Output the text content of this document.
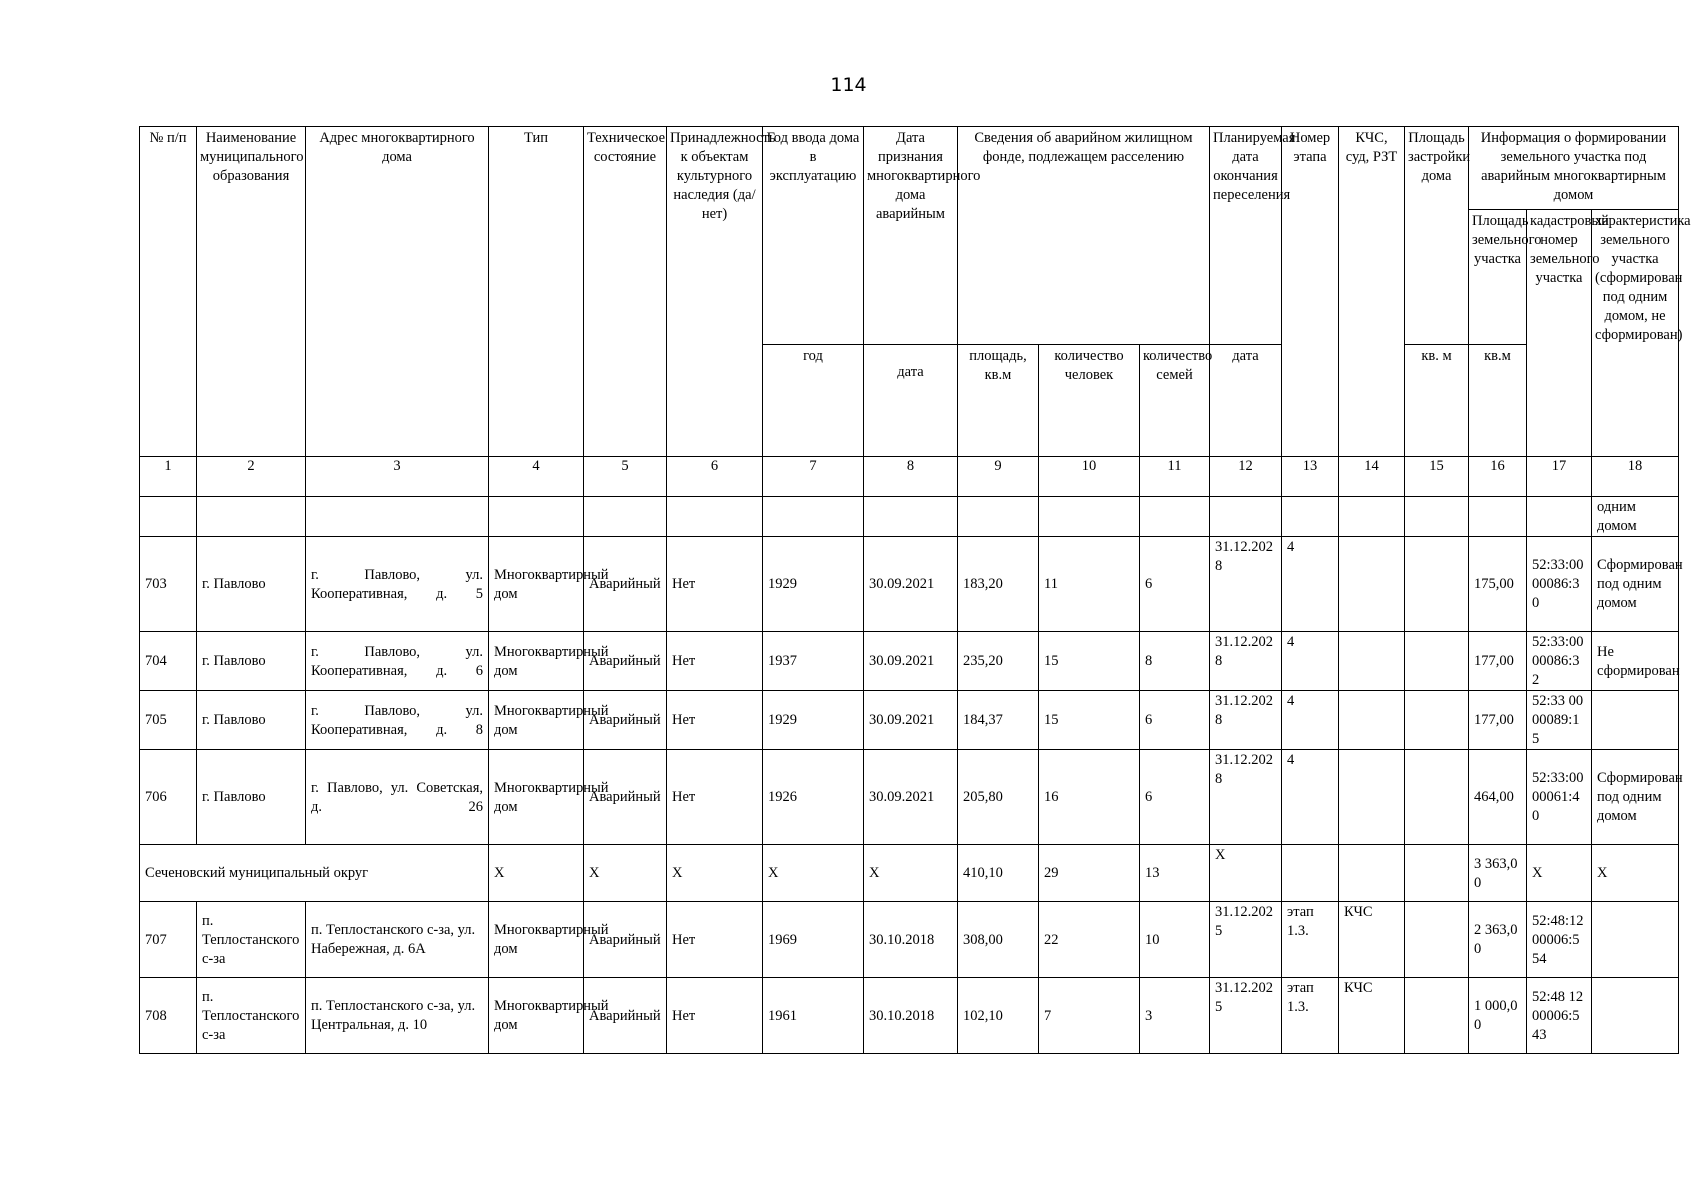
114
№ п/п	Наименование муниципального образования	Адрес многоквартирного дома	Тип	Техническое состояние	Принадлежность к объектам культурного наследия (да/нет)	Год ввода дома в эксплуатацию	Дата признания многоквартирного дома аварийным	Сведения об аварийном жилищном фонде, подлежащем расселению			Планируемая дата окончания переселения	Номер этапа	КЧС, суд, РЗТ	Площадь застройки дома	Информация о формировании земельного участка под аварийным многоквартирным домом		
															Площадь земельного участка	кадастровый номер земельного участка	характеристика земельного участка (сформирован под одним домом, не сформирован)
						год	дата	площадь, кв.м	количество человек	количество семей	дата			кв. м	кв.м		
1	2	3	4	5	6	7	8	9	10	11	12	13	14	15	16	17	18
																	одним домом
703	г. Павлово	г. Павлово, ул. Кооперативная, д. 5	Многоквартирный дом	Аварийный	Нет	1929	30.09.2021	183,20	11	6	31.12.2028	4			175,00	52:33:0000086:30	Сформирован под одним домом
704	г. Павлово	г. Павлово, ул. Кооперативная, д. 6	Многоквартирный дом	Аварийный	Нет	1937	30.09.2021	235,20	15	8	31.12.2028	4			177,00	52:33:0000086:32	Не сформирован
705	г. Павлово	г. Павлово, ул. Кооперативная, д. 8	Многоквартирный дом	Аварийный	Нет	1929	30.09.2021	184,37	15	6	31.12.2028	4			177,00	52:33 0000089:15	
706	г. Павлово	г. Павлово, ул. Советская, д. 26	Многоквартирный дом	Аварийный	Нет	1926	30.09.2021	205,80	16	6	31.12.2028	4			464,00	52:33:0000061:40	Сформирован под одним домом
Сеченовский муниципальный округ			X	X	X	X	X	410,10	29	13	X				3 363,00	X	X
707	п. Теплостанского с-за	п. Теплостанского с-за, ул. Набережная, д. 6А	Многоквартирный дом	Аварийный	Нет	1969	30.10.2018	308,00	22	10	31.12.2025	этап 1.3.	КЧС		2 363,00	52:48:1200006:554	
708	п. Теплостанского с-за	п. Теплостанского с-за, ул. Центральная, д. 10	Многоквартирный дом	Аварийный	Нет	1961	30.10.2018	102,10	7	3	31.12.2025	этап 1.3.	КЧС		1 000,00	52:48 1200006:543	
